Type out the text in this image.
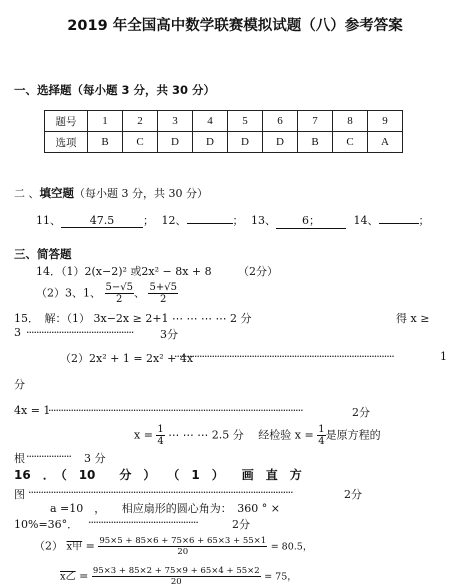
2019 年全国高中数学联赛模拟试题（八）参考答案
一、选择题（每小题 3 分，共 30 分）
题号	1	2	3	4	5	6	7	8	9
选项	B	C	D	D	D	D	B	C	A
二 、填空题（每小题 3 分，共 30 分）
11、	47.5	； 12、	； 13、 6；	14、	；
三、简答题
14．（1）2(x−2)² 或2x² − 8x + 8 （2分）
（2）3、1、 $\frac{5-√5}{2}$ 、 $\frac{5+√5}{2}$
15．　解：（1） 3x−2x ≥ 2+1 ⋯ ⋯ ⋯ ⋯ 2 分	得 x ≥
3 ···········································	3分
（2）2x² + 1 = 2x² + 4x
························································································	1
分
4x = 1
······································································································	2分
$x = \frac{1}{4}$ ⋯ ⋯ ⋯ 2.5 分　 经检验 $x = \frac{1}{4}$ 是原方程的
根 ··················	3 分
16　．　（　10　　分　）　　（　1　）　　画　直　方
图 ··········································································································	2分
a =10　，　　相应扇形的圆心角为：　360 ° ×
10%=36°． ············································	2分
（2） x甲 = $\frac{95\times 5 + 85\times 6 + 75\times 6 + 65\times 3 + 55\times 1}{20} = 80.5$，
x乙 = $\frac{95\times 3 + 85\times 2 + 75\times 9 + 65\times 4 + 55\times 2}{20} = 75$，
